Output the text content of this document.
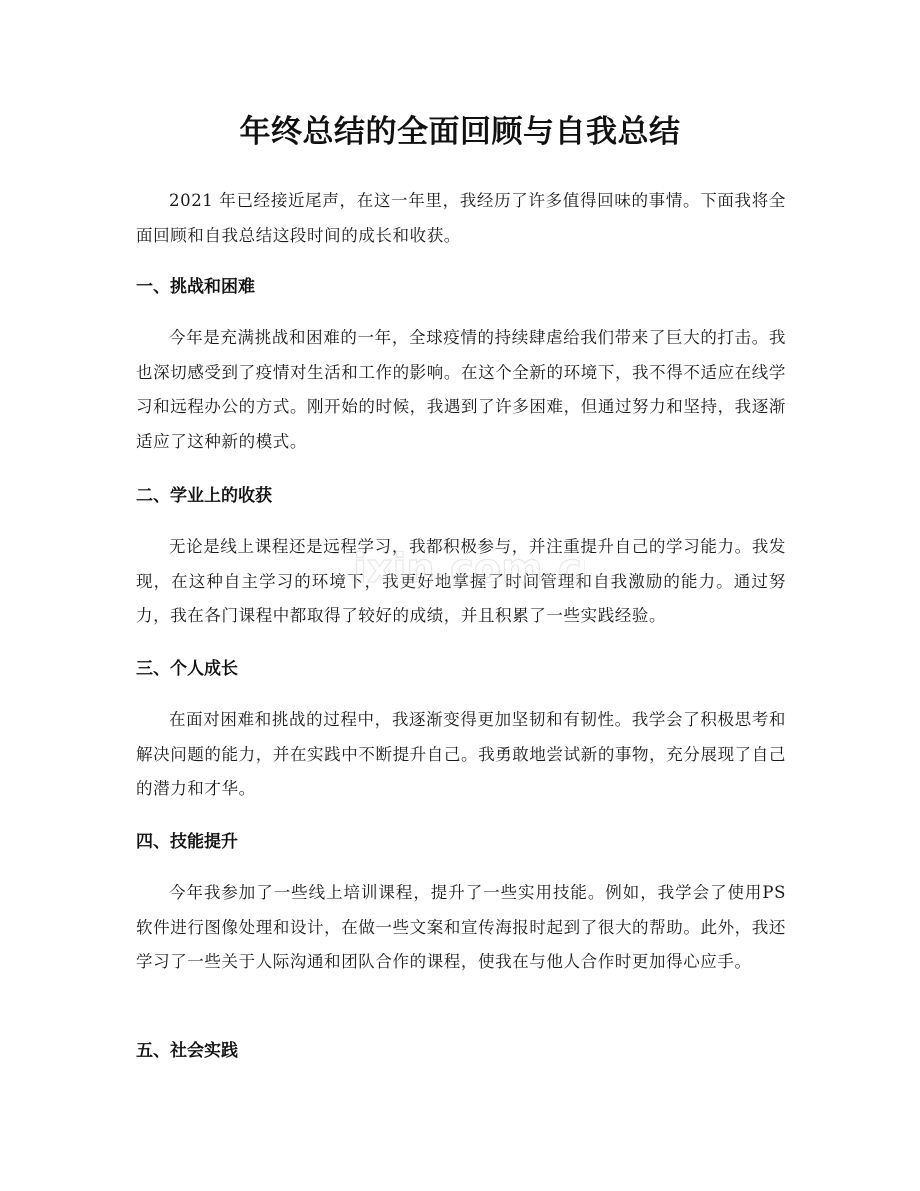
年终总结的全面回顾与自我总结

2021 年已经接近尾声，在这一年里，我经历了许多值得回味的事情。下面我将全面回顾和自我总结这段时间的成长和收获。

一、挑战和困难

今年是充满挑战和困难的一年，全球疫情的持续肆虐给我们带来了巨大的打击。我也深切感受到了疫情对生活和工作的影响。在这个全新的环境下，我不得不适应在线学习和远程办公的方式。刚开始的时候，我遇到了许多困难，但通过努力和坚持，我逐渐适应了这种新的模式。

二、学业上的收获

无论是线上课程还是远程学习，我都积极参与，并注重提升自己的学习能力。我发现，在这种自主学习的环境下，我更好地掌握了时间管理和自我激励的能力。通过努力，我在各门课程中都取得了较好的成绩，并且积累了一些实践经验。

三、个人成长

在面对困难和挑战的过程中，我逐渐变得更加坚韧和有韧性。我学会了积极思考和解决问题的能力，并在实践中不断提升自己。我勇敢地尝试新的事物，充分展现了自己的潜力和才华。

四、技能提升

今年我参加了一些线上培训课程，提升了一些实用技能。例如，我学会了使用PS 软件进行图像处理和设计，在做一些文案和宣传海报时起到了很大的帮助。此外，我还学习了一些关于人际沟通和团队合作的课程，使我在与他人合作时更加得心应手。

五、社会实践
ixin.com.c
